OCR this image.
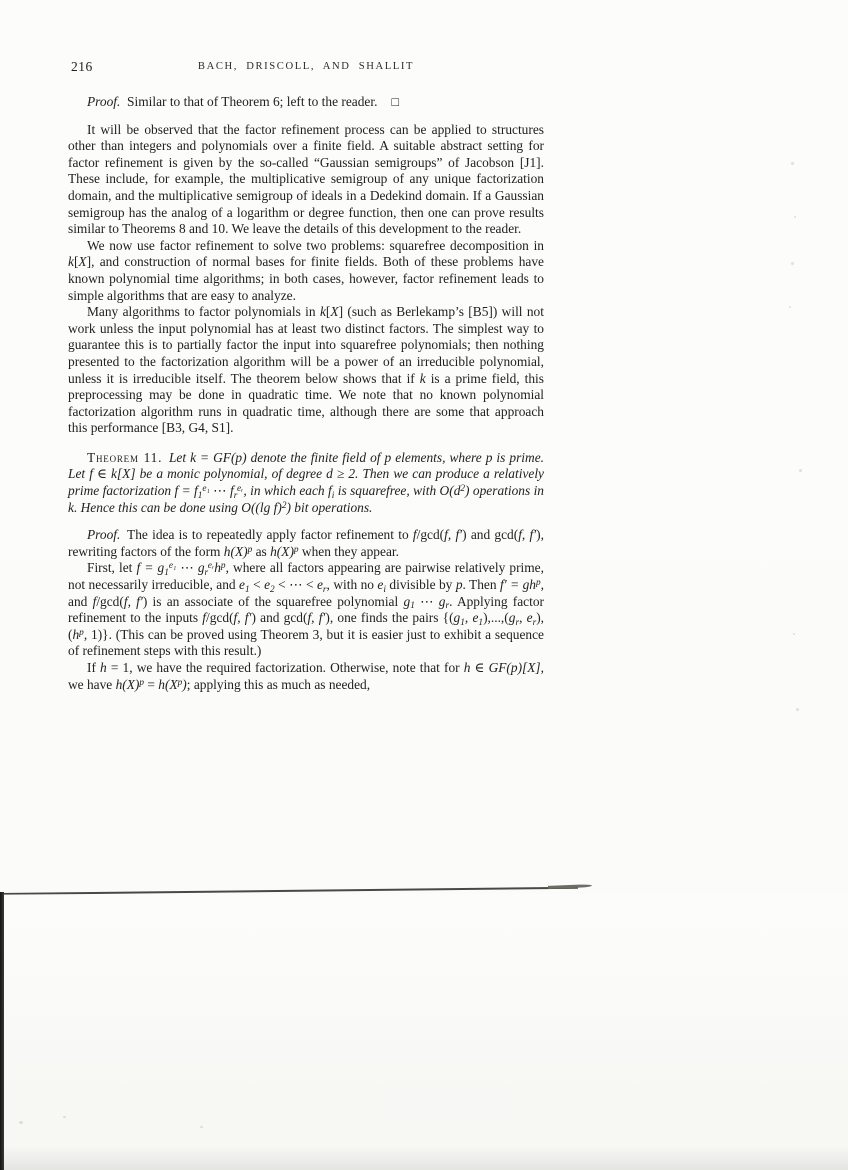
216	BACH, DRISCOLL, AND SHALLIT

Proof. Similar to that of Theorem 6; left to the reader. □

It will be observed that the factor refinement process can be applied to structures other than integers and polynomials over a finite field. A suitable abstract setting for factor refinement is given by the so-called “Gaussian semigroups” of Jacobson [J1]. These include, for example, the multiplicative semigroup of any unique factorization domain, and the multiplicative semigroup of ideals in a Dedekind domain. If a Gaussian semigroup has the analog of a logarithm or degree function, then one can prove results similar to Theorems 8 and 10. We leave the details of this development to the reader.

We now use factor refinement to solve two problems: squarefree decomposition in k[X], and construction of normal bases for finite fields. Both of these problems have known polynomial time algorithms; in both cases, however, factor refinement leads to simple algorithms that are easy to analyze.

Many algorithms to factor polynomials in k[X] (such as Berlekamp’s [B5]) will not work unless the input polynomial has at least two distinct factors. The simplest way to guarantee this is to partially factor the input into squarefree polynomials; then nothing presented to the factorization algorithm will be a power of an irreducible polynomial, unless it is irreducible itself. The theorem below shows that if k is a prime field, this preprocessing may be done in quadratic time. We note that no known polynomial factorization algorithm runs in quadratic time, although there are some that approach this performance [B3, G4, S1].

Theorem 11. Let k = GF(p) denote the finite field of p elements, where p is prime. Let f ∈ k[X] be a monic polynomial, of degree d ≥ 2. Then we can produce a relatively prime factorization $f = f_1^{e_1}$ ⋯ $f_r^{eᵣ}$, in which each $f_i$ is squarefree, with $O(d^2)$ operations in k. Hence this can be done using O((lg f)$^2$) bit operations.

Proof. The idea is to repeatedly apply factor refinement to f/gcd(f, f′) and gcd(f, f′), rewriting factors of the form $h(X)^p$ as $h(X)^p$ when they appear.

First, let $f = g_1^{e_1}$ ⋯ $g_r^{eᵣ}h^p$, where all factors appearing are pairwise relatively prime, not necessarily irreducible, and $e_1 < e_2$ < ⋯ < $e_r$, with no $e_i$ divisible by p. Then $f' = gh^p$, and f/gcd(f, f′) is an associate of the squarefree polynomial $g_1$ ⋯ $g_r$. Applying factor refinement to the inputs f/gcd(f, f′) and gcd(f, f′), one finds the pairs {($g_1$, $e_1),...,(g_r$, $e_r$), ($h^p$, 1)}. (This can be proved using Theorem 3, but it is easier just to exhibit a sequence of refinement steps with this result.)

If h = 1, we have the required factorization. Otherwise, note that for h ∈ GF(p)[X], we have $h(X)^p = h(X^p)$; applying this as much as needed,
